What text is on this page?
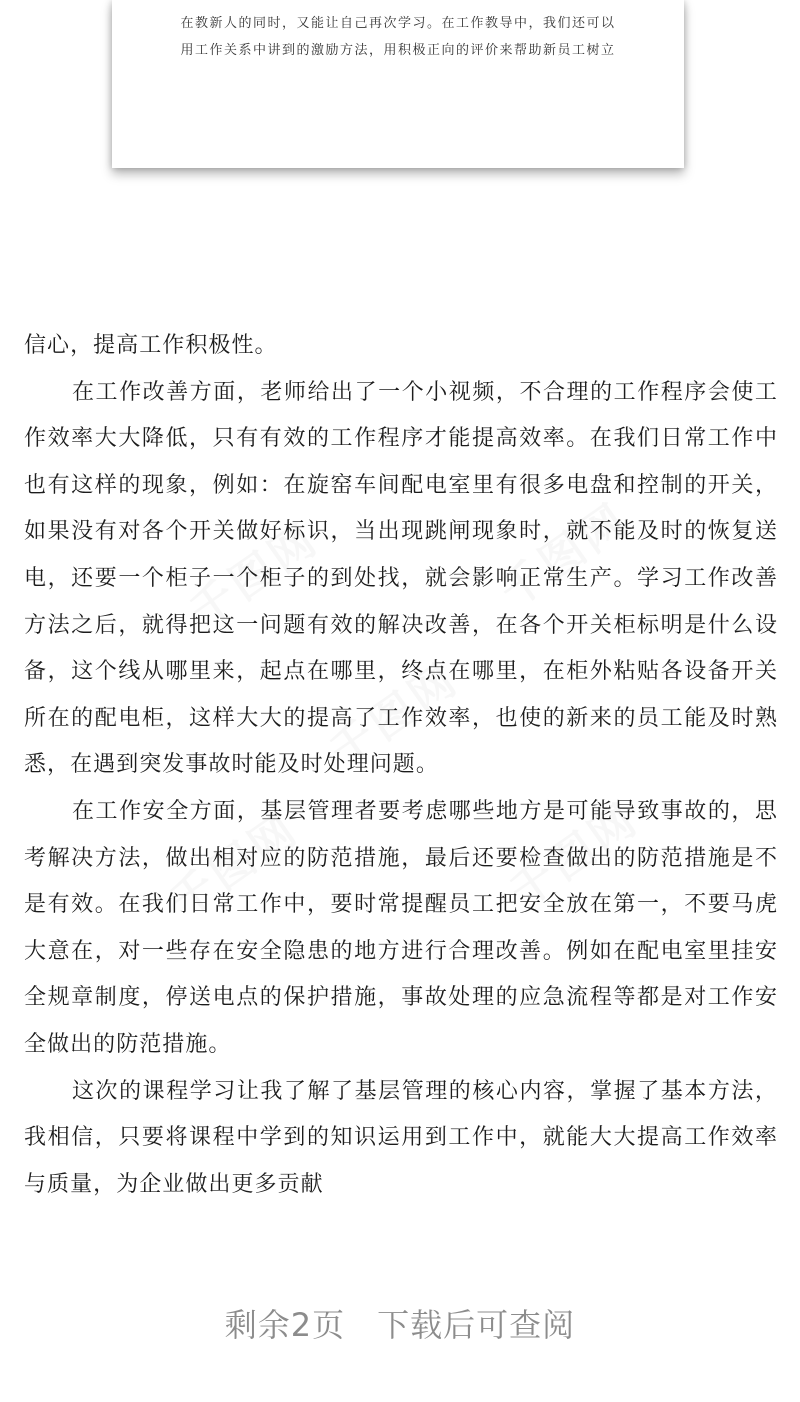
在教新人的同时，又能让自己再次学习。在工作教导中，我们还可以
用工作关系中讲到的激励方法，用积极正向的评价来帮助新员工树立
千图网	千图网
千图网
千图网	千图网

信心，提高工作积极性。

在工作改善方面，老师给出了一个小视频，不合理的工作程序会使工作效率大大降低，只有有效的工作程序才能提高效率。在我们日常工作中也有这样的现象，例如：在旋窑车间配电室里有很多电盘和控制的开关，如果没有对各个开关做好标识，当出现跳闸现象时，就不能及时的恢复送电，还要一个柜子一个柜子的到处找，就会影响正常生产。学习工作改善方法之后，就得把这一问题有效的解决改善，在各个开关柜标明是什么设备，这个线从哪里来，起点在哪里，终点在哪里，在柜外粘贴各设备开关所在的配电柜，这样大大的提高了工作效率，也使的新来的员工能及时熟悉，在遇到突发事故时能及时处理问题。

在工作安全方面，基层管理者要考虑哪些地方是可能导致事故的，思考解决方法，做出相对应的防范措施，最后还要检查做出的防范措施是不是有效。在我们日常工作中，要时常提醒员工把安全放在第一，不要马虎大意在，对一些存在安全隐患的地方进行合理改善。例如在配电室里挂安全规章制度，停送电点的保护措施，事故处理的应急流程等都是对工作安全做出的防范措施。

这次的课程学习让我了解了基层管理的核心内容，掌握了基本方法，我相信，只要将课程中学到的知识运用到工作中，就能大大提高工作效率与质量，为企业做出更多贡献

剩余2页 下载后可查阅
